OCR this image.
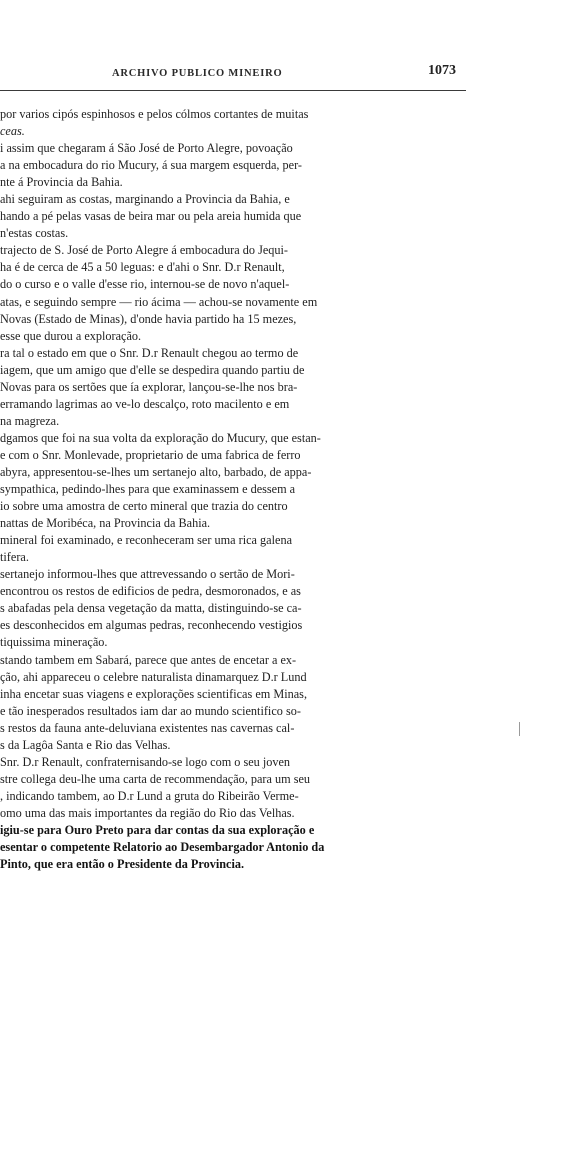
ARCHIVO PUBLICO MINEIRO	1073
por varios cipós espinhosos e pelos cólmos cortantes de muitas
ceas.
i assim que chegaram á São José de Porto Alegre, povoação
a na embocadura do rio Mucury, á sua margem esquerda, per-
nte á Provincia da Bahia.
ahi seguiram as costas, marginando a Provincia da Bahia, e
hando a pé pelas vasas de beira mar ou pela areia humida que
n'estas costas.
trajecto de S. José de Porto Alegre á embocadura do Jequi-
ha é de cerca de 45 a 50 leguas: e d'ahi o Snr. D.r Renault,
do o curso e o valle d'esse rio, internou-se de novo n'aquel-
atas, e seguindo sempre — rio ácima — achou-se novamente em
Novas (Estado de Minas), d'onde havia partido ha 15 mezes,
esse que durou a exploração.
ra tal o estado em que o Snr. D.r Renault chegou ao termo de
iagem, que um amigo que d'elle se despedira quando partiu de
Novas para os sertões que ía explorar, lançou-se-lhe nos bra-
erramando lagrimas ao ve-lo descalço, roto macilento e em
na magreza.
dgamos que foi na sua volta da exploração do Mucury, que estan-
e com o Snr. Monlevade, proprietario de uma fabrica de ferro
abyra, appresentou-se-lhes um sertanejo alto, barbado, de appa-
sympathica, pedindo-lhes para que examinassem e dessem a
io sobre uma amostra de certo mineral que trazia do centro
nattas de Moribéca, na Provincia da Bahia.
mineral foi examinado, e reconheceram ser uma rica galena
tifera.
sertanejo informou-lhes que attrevessando o sertão de Mori-
encontrou os restos de edificios de pedra, desmoronados, e as
s abafadas pela densa vegetação da matta, distinguindo-se ca-
es desconhecidos em algumas pedras, reconhecendo vestigios
tiquissima mineração.
stando tambem em Sabará, parece que antes de encetar a ex-
ção, ahi appareceu o celebre naturalista dinamarquez D.r Lund
inha encetar suas viagens e explorações scientificas em Minas,
e tão inesperados resultados iam dar ao mundo scientifico so-
s restos da fauna ante-deluviana existentes nas cavernas cal-
s da Lagôa Santa e Rio das Velhas.
Snr. D.r Renault, confraternisando-se logo com o seu joven
stre collega deu-lhe uma carta de recommendação, para um seu
, indicando tambem, ao D.r Lund a gruta do Ribeirão Verme-
omo uma das mais importantes da região do Rio das Velhas.
igiu-se para Ouro Preto para dar contas da sua exploração e
esentar o competente Relatorio ao Desembargador Antonio da
Pinto, que era então o Presidente da Provincia.
